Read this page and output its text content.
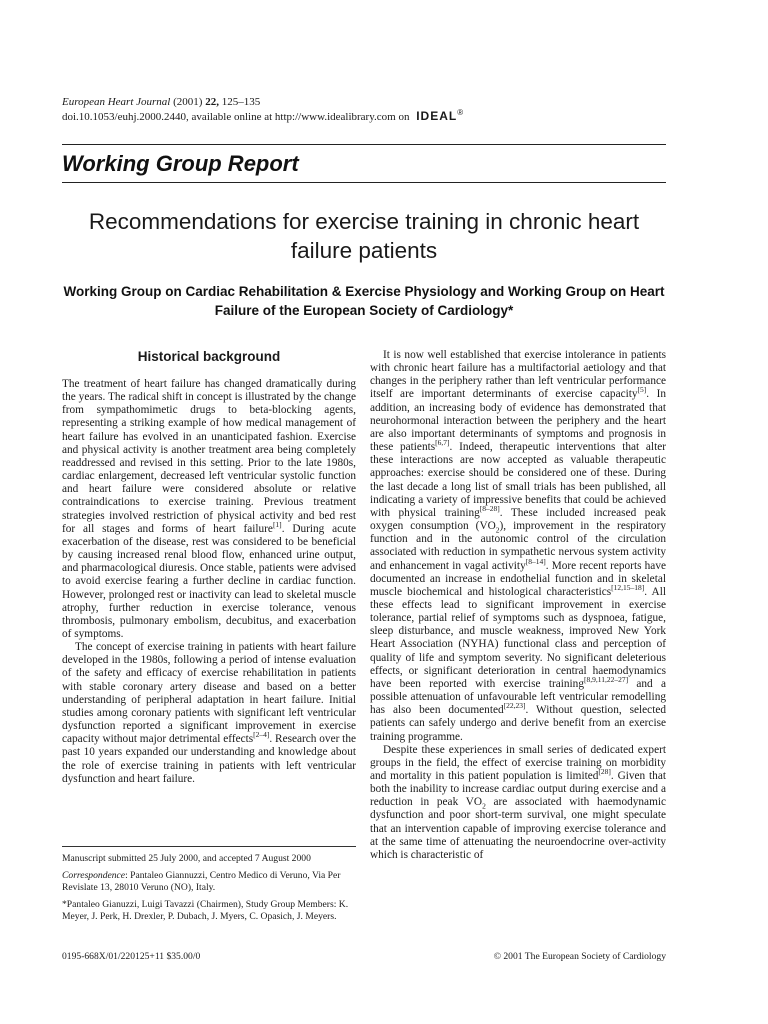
European Heart Journal (2001) 22, 125–135
doi.10.1053/euhj.2000.2440, available online at http://www.idealibrary.com on IDEAL®
Working Group Report
Recommendations for exercise training in chronic heart failure patients
Working Group on Cardiac Rehabilitation & Exercise Physiology and Working Group on Heart Failure of the European Society of Cardiology*
Historical background

The treatment of heart failure has changed dramatically during the years. The radical shift in concept is illustrated by the change from sympathomimetic drugs to beta-blocking agents, representing a striking example of how medical management of heart failure has evolved in an unanticipated fashion. Exercise and physical activity is another treatment area being completely readdressed and revised in this setting. Prior to the late 1980s, cardiac enlargement, decreased left ventricular systolic function and heart failure were considered absolute or relative contraindications to exercise training. Previous treatment strategies involved restriction of physical activity and bed rest for all stages and forms of heart failure[1]. During acute exacerbation of the disease, rest was considered to be beneficial by causing increased renal blood flow, enhanced urine output, and pharmacological diuresis. Once stable, patients were advised to avoid exercise fearing a further decline in cardiac function. However, prolonged rest or inactivity can lead to skeletal muscle atrophy, further reduction in exercise tolerance, venous thrombosis, pulmonary embolism, decubitus, and exacerbation of symptoms.

The concept of exercise training in patients with heart failure developed in the 1980s, following a period of intense evaluation of the safety and efficacy of exercise rehabilitation in patients with stable coronary artery disease and based on a better understanding of peripheral adaptation in heart failure. Initial studies among coronary patients with significant left ventricular dysfunction reported a significant improvement in exercise capacity without major detrimental effects[2–4]. Research over the past 10 years expanded our understanding and knowledge about the role of exercise training in patients with left ventricular dysfunction and heart failure.

Manuscript submitted 25 July 2000, and accepted 7 August 2000

Correspondence: Pantaleo Giannuzzi, Centro Medico di Veruno, Via Per Revislate 13, 28010 Veruno (NO), Italy.

*Pantaleo Gianuzzi, Luigi Tavazzi (Chairmen), Study Group Members: K. Meyer, J. Perk, H. Drexler, P. Dubach, J. Myers, C. Opasich, J. Meyers.

It is now well established that exercise intolerance in patients with chronic heart failure has a multifactorial aetiology and that changes in the periphery rather than left ventricular performance itself are important determinants of exercise capacity[5]. In addition, an increasing body of evidence has demonstrated that neurohormonal interaction between the periphery and the heart are also important determinants of symptoms and prognosis in these patients[6,7]. Indeed, therapeutic interventions that alter these interactions are now accepted as valuable therapeutic approaches: exercise should be considered one of these. During the last decade a long list of small trials has been published, all indicating a variety of impressive benefits that could be achieved with physical training[8–28]. These included increased peak oxygen consumption $(VO_2)$, improvement in the respiratory function and in the autonomic control of the circulation associated with reduction in sympathetic nervous system activity and enhancement in vagal activity[8–14]. More recent reports have documented an increase in endothelial function and in skeletal muscle biochemical and histological characteristics[12,15–18]. All these effects lead to significant improvement in exercise tolerance, partial relief of symptoms such as dyspnoea, fatigue, sleep disturbance, and muscle weakness, improved New York Heart Association (NYHA) functional class and perception of quality of life and symptom severity. No significant deleterious effects, or significant deterioration in central haemodynamics have been reported with exercise training[8,9,11,22–27] and a possible attenuation of unfavourable left ventricular remodelling has also been documented[22,23]. Without question, selected patients can safely undergo and derive benefit from an exercise training programme.

Despite these experiences in small series of dedicated expert groups in the field, the effect of exercise training on morbidity and mortality in this patient population is limited[28]. Given that both the inability to increase cardiac output during exercise and a reduction in peak $VO_2$ are associated with haemodynamic dysfunction and poor short-term survival, one might speculate that an intervention capable of improving exercise tolerance and at the same time of attenuating the neuroendocrine over-activity which is characteristic of

0195-668X/01/220125+11 $35.00/0	© 2001 The European Society of Cardiology
